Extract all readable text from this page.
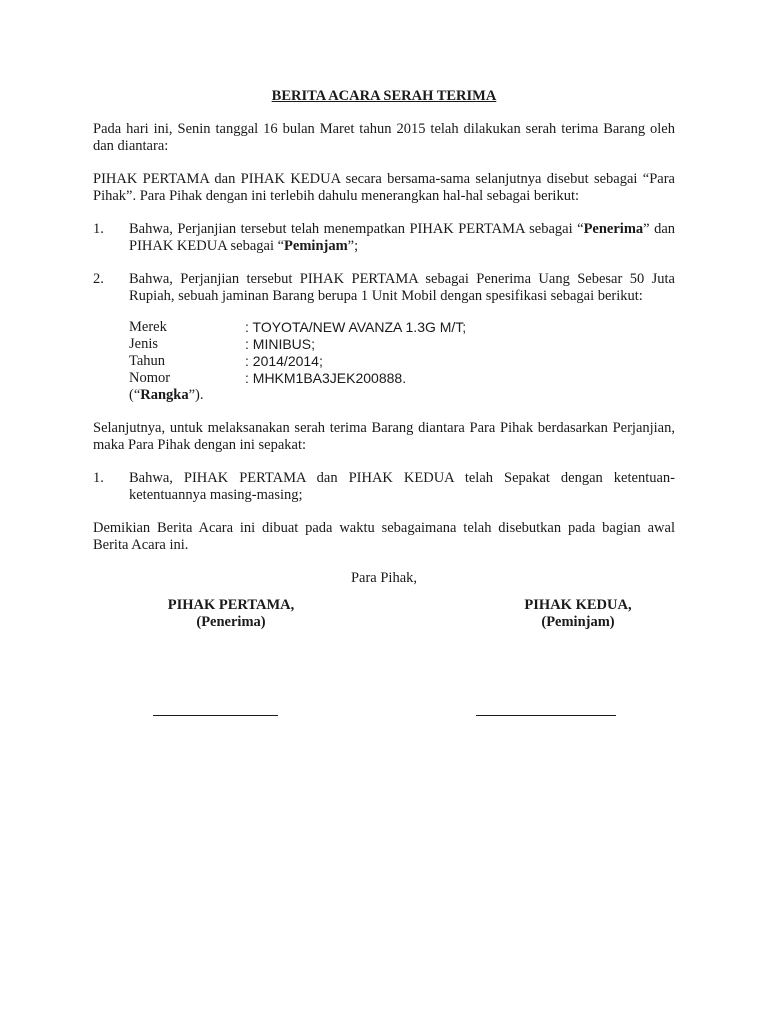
BERITA ACARA SERAH TERIMA

Pada hari ini, Senin tanggal 16 bulan Maret tahun 2015 telah dilakukan serah terima Barang oleh dan diantara:

PIHAK PERTAMA dan PIHAK KEDUA secara bersama-sama selanjutnya disebut sebagai “Para Pihak”. Para Pihak dengan ini terlebih dahulu menerangkan hal-hal sebagai berikut:

1. Bahwa, Perjanjian tersebut telah menempatkan PIHAK PERTAMA sebagai “Penerima” dan PIHAK KEDUA sebagai “Peminjam”;
2. Bahwa, Perjanjian tersebut PIHAK PERTAMA sebagai Penerima Uang Sebesar 50 Juta Rupiah, sebuah jaminan Barang berupa 1 Unit Mobil dengan spesifikasi sebagai berikut:
Merek	: TOYOTA/NEW AVANZA 1.3G M/T;
Jenis	: MINIBUS;
Tahun	: 2014/2014;
Nomor	: MHKM1BA3JEK200888.
(“Rangka”).

Selanjutnya, untuk melaksanakan serah terima Barang diantara Para Pihak berdasarkan Perjanjian, maka Para Pihak dengan ini sepakat:

1. Bahwa, PIHAK PERTAMA dan PIHAK KEDUA telah Sepakat dengan ketentuan-ketentuannya masing-masing;

Demikian Berita Acara ini dibuat pada waktu sebagaimana telah disebutkan pada bagian awal Berita Acara ini.

Para Pihak,
PIHAK PERTAMA,
(Penerima)
PIHAK KEDUA,
(Peminjam)
